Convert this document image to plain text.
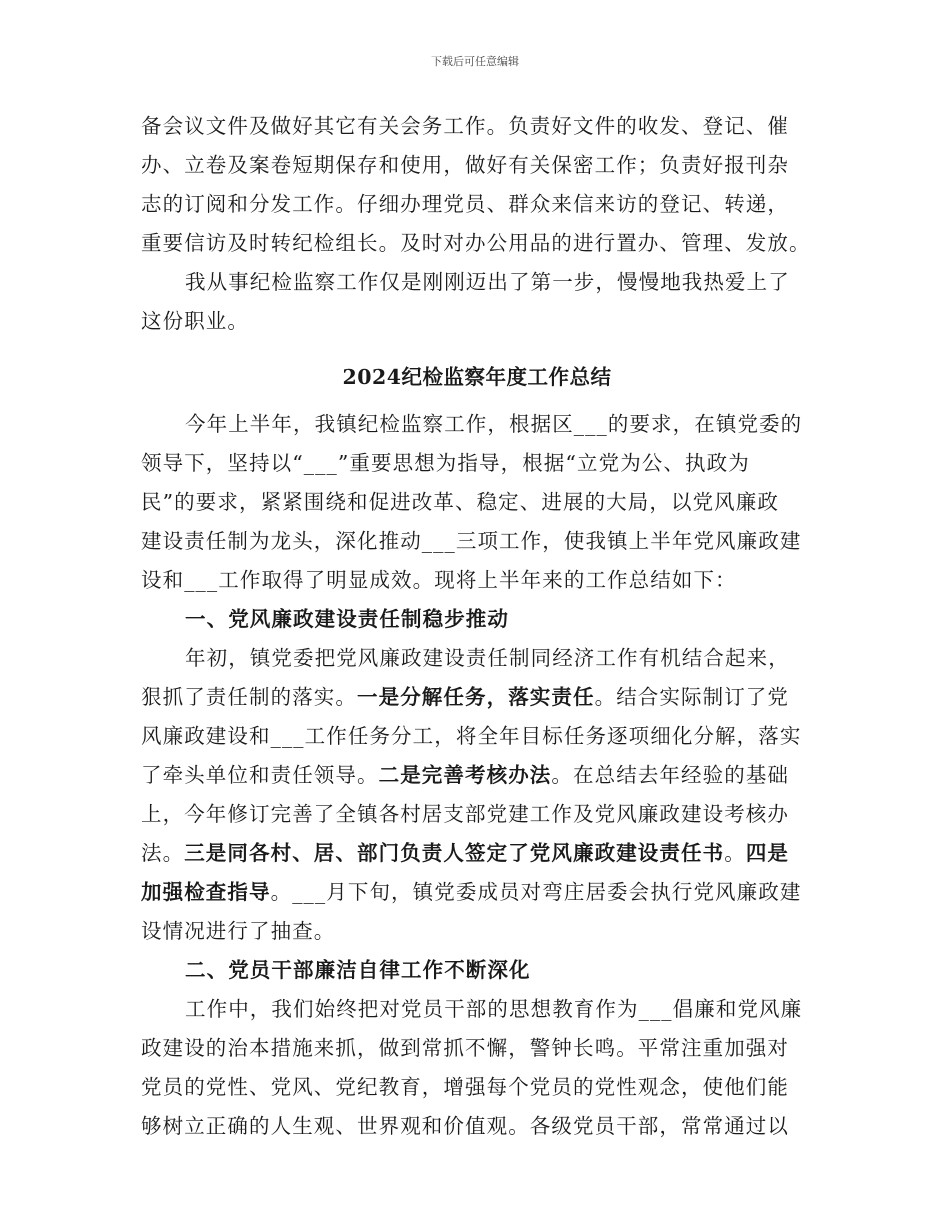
下载后可任意编辑
备会议文件及做好其它有关会务工作。负责好文件的收发、登记、催
办、立卷及案卷短期保存和使用，做好有关保密工作；负责好报刊杂
志的订阅和分发工作。仔细办理党员、群众来信来访的登记、转递，
重要信访及时转纪检组长。及时对办公用品的进行置办、管理、发放。
我从事纪检监察工作仅是刚刚迈出了第一步，慢慢地我热爱上了
这份职业。
2024纪检监察年度工作总结
今年上半年，我镇纪检监察工作，根据区___的要求，在镇党委的
领导下，坚持以“___”重要思想为指导，根据“立党为公、执政为
民”的要求，紧紧围绕和促进改革、稳定、进展的大局，以党风廉政
建设责任制为龙头，深化推动___三项工作，使我镇上半年党风廉政建
设和___工作取得了明显成效。现将上半年来的工作总结如下：
一、党风廉政建设责任制稳步推动
年初，镇党委把党风廉政建设责任制同经济工作有机结合起来，
狠抓了责任制的落实。一是分解任务，落实责任。结合实际制订了党
风廉政建设和___工作任务分工，将全年目标任务逐项细化分解，落实
了牵头单位和责任领导。二是完善考核办法。在总结去年经验的基础
上，今年修订完善了全镇各村居支部党建工作及党风廉政建设考核办
法。三是同各村、居、部门负责人签定了党风廉政建设责任书。四是
加强检查指导。___月下旬，镇党委成员对弯庄居委会执行党风廉政建
设情况进行了抽查。
二、党员干部廉洁自律工作不断深化
工作中，我们始终把对党员干部的思想教育作为___倡廉和党风廉
政建设的治本措施来抓，做到常抓不懈，警钟长鸣。平常注重加强对
党员的党性、党风、党纪教育，增强每个党员的党性观念，使他们能
够树立正确的人生观、世界观和价值观。各级党员干部，常常通过以
